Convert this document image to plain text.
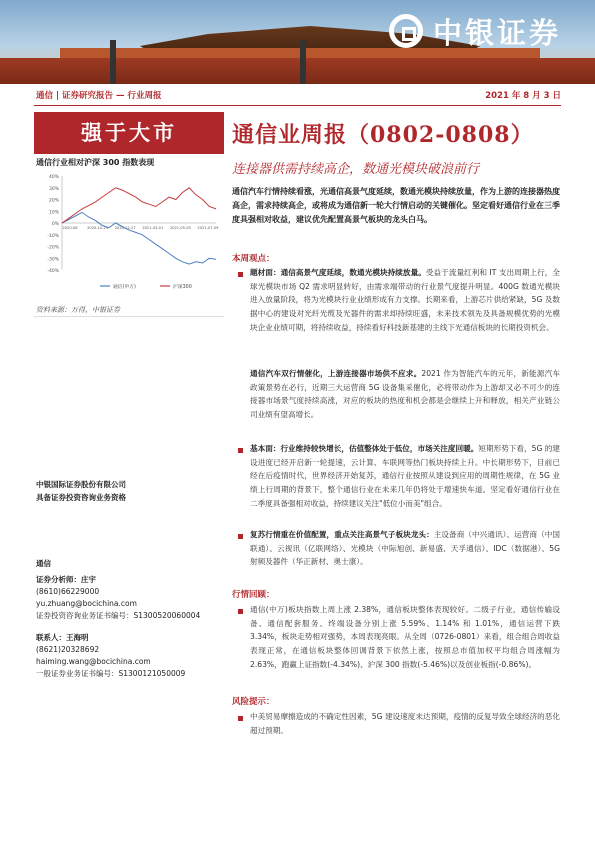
中银证券
通信 | 证券研究报告 — 行业周报	2021 年 8 月 3 日
强于大市
通信行业相对沪深 300 指数表现
40%
30%
20%
10%
0%
-10%
-20%
-30%
-40%
2020-08	2020-10-23 2020-12-27 2021-03-01 2021-05-05 2021-07-09
通信(申万)	沪深300
资料来源：万得，中银证券
中银国际证券股份有限公司
具备证券投资咨询业务资格
通信
证券分析师：庄宇
(8610)66229000
yu.zhuang@bocichina.com
证券投资咨询业务证书编号：S1300520060004
联系人：王海明
(8621)20328692
haiming.wang@bocichina.com
一般证券业务证书编号：S1300121050009
通信业周报（0802-0808）
连接器供需持续高企，数通光模块破浪前行
通信汽车行情持续看涨，光通信高景气度延续，数通光模块持续放量，作为上游的连接器热度高企，需求持续高企，或将成为通信新一轮大行情启动的关键催化。坚定看好通信行业在三季度具强相对收益，建议优先配置高景气板块的龙头白马。
本周观点：
题材面：通信高景气度延续，数通光模块持续放量。受益于流量红利和 IT 支出周期上行，全球光模块市场 Q2 需求明显转好，由需求端带动的行业景气度提升明显。400G 数通光模块进入放量阶段，将为光模块行业业绩形成有力支撑。长期来看，上游芯片供给紧缺，5G 及数据中心的建设对光纤光缆及光器件的需求却持续旺盛，未来技术领先及具备规模优势的光模块企业业绩可期，将持续收益，持续看好科技新基建的主线下光通信板块的长期投资机会。
通信汽车双行情催化，上游连接器市场供不应求。2021 作为智能汽车的元年，新能源汽车政策景势在必行，近期三大运营商 5G 设备集采催化，必将带动作为上游却又必不可少的连接器市场景气度持续高涨，对应的板块的热度和机会都是会继续上升和释放，相关产业链公司业绩有望高增长。
基本面：行业维持较快增长，估值整体处于低位，市场关注度回暖。短期形势下看，5G 的建设进度已经开启新一轮提速，云计算、车联网等热门板块持续上升。中长期形势下，目前已经在后疫情时代，世界经济开始复苏，通信行业按照从建设到应用的周期性规律，在 5G 业绩上行周期的背景下，整个通信行业在未来几年仍将处于增速快车道。坚定看好通信行业在二季度具备强相对收益，持续建议关注"低位小而美"组合。
复苏行情重在价值配置，重点关注高景气子板块龙头：主设备商（中兴通讯）、运营商（中国联通）、云视讯（亿联网络）、光模块（中际旭创、新易盛、天孚通信）、IDC（数据港）、5G 射频及器件（华正新材、奥士康）。
行情回顾：
通信(中万)板块指数上周上涨 2.38%，通信板块整体表现较好。二级子行业，通信传输设备、通信配套服务、终端设备分别上涨 5.59%、1.14% 和 1.01%，通信运营下跌 3.34%，板块走势相对强势，本周表现亮眼。从全周（0726-0801）来看，组合组合周收益表现正常，在通信板块整体回调背景下依然上涨，按照总市值加权平均组合周涨幅为 2.63%，跑赢上证指数(-4.34%)、沪深 300 指数(-5.46%)以及创业板指(-0.86%)。
风险提示：
中美贸易摩擦造成的不确定性因素，5G 建设速度未达预期，疫情的反复导致全球经济的恶化超过预期。
